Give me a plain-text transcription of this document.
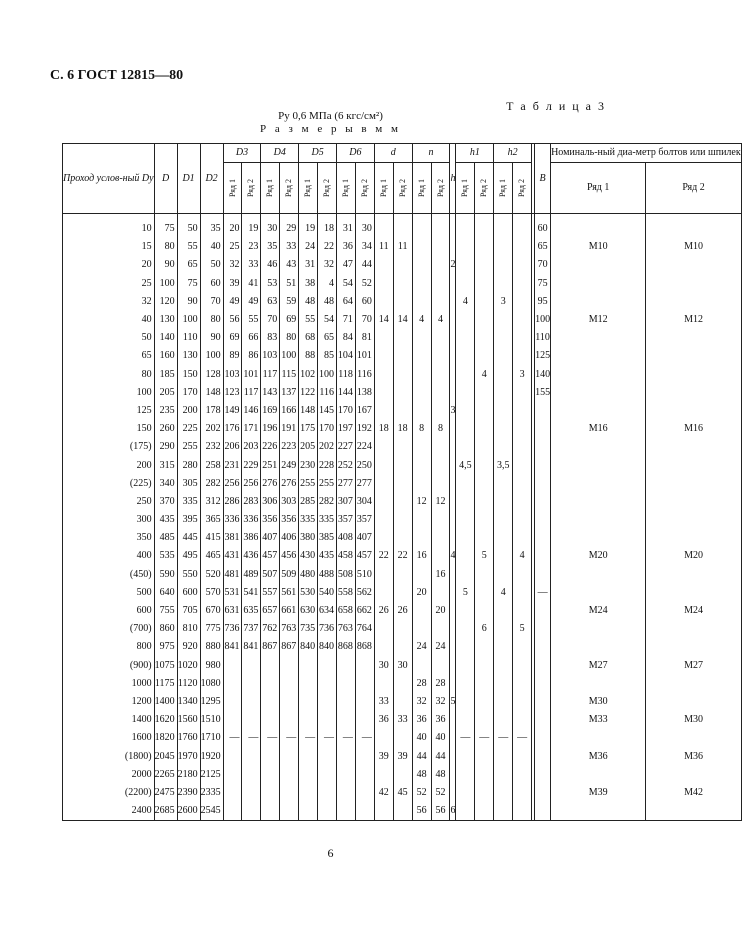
С. 6 ГОСТ 12815—80
Т а б л и ц а 3
Pу 0,6 МПа (6 кгс/см²)
Р а з м е р ы в м м
Проход услов-ный Dу	D	D1	D2	D3		D4		D5		D6		d		n		h	h1		h2			B	Номиналь-ный диа-метр болтов или шпилек	
				Ряд 1	Ряд 2	Ряд 1	Ряд 2	Ряд 1	Ряд 2	Ряд 1	Ряд 2	Ряд 1	Ряд 2	Ряд 1	Ряд 2		Ряд 1	Ряд 2	Ряд 1	Ряд 2			Ряд 1	Ряд 2

10	75	50	35	20	19	30	29	19	18	31	30											60		
15	80	55	40	25	23	35	33	24	22	36	34	11	11									65	M10	M10
20	90	65	50	32	33	46	43	31	32	47	44					2						70		
25	100	75	60	39	41	53	51	38	4	54	52											75		
32	120	90	70	49	49	63	59	48	48	64	60						4		3			95		
40	130	100	80	56	55	70	69	55	54	71	70	14	14	4	4							100	M12	M12
50	140	110	90	69	66	83	80	68	65	84	81											110		
65	160	130	100	89	86	103	100	88	85	104	101											125		
80	185	150	128	103	101	117	115	102	100	118	116							4		3		140		
100	205	170	148	123	117	143	137	122	116	144	138											155		
125	235	200	178	149	146	169	166	148	145	170	167					3								
150	260	225	202	176	171	196	191	175	170	197	192	18	18	8	8								M16	M16
(175)	290	255	232	206	203	226	223	205	202	227	224													
200	315	280	258	231	229	251	249	230	228	252	250						4,5		3,5					
(225)	340	305	282	256	256	276	276	255	255	277	277													
250	370	335	312	286	283	306	303	285	282	307	304			12	12									
300	435	395	365	336	336	356	356	335	335	357	357													
350	485	445	415	381	386	407	406	380	385	408	407													
400	535	495	465	431	436	457	456	430	435	458	457	22	22	16		4		5		4			M20	M20
(450)	590	550	520	481	489	507	509	480	488	508	510				16									
500	640	600	570	531	541	557	561	530	540	558	562			20			5		4			—		
600	755	705	670	631	635	657	661	630	634	658	662	26	26		20								M24	M24
(700)	860	810	775	736	737	762	763	735	736	763	764							6		5				
800	975	920	880	841	841	867	867	840	840	868	868			24	24									
(900)	1075	1020	980									30	30										M27	M27
1000	1175	1120	1080											28	28									
1200	1400	1340	1295									33		32	32	5							M30	
1400	1620	1560	1510									36	33	36	36								M33	M30
1600	1820	1760	1710	—	—	—	—	—	—	—	—			40	40		—	—	—	—				
(1800)	2045	1970	1920									39	39	44	44								M36	M36
2000	2265	2180	2125											48	48									
(2200)	2475	2390	2335									42	45	52	52								M39	M42
2400	2685	2600	2545											56	56	6								
6
